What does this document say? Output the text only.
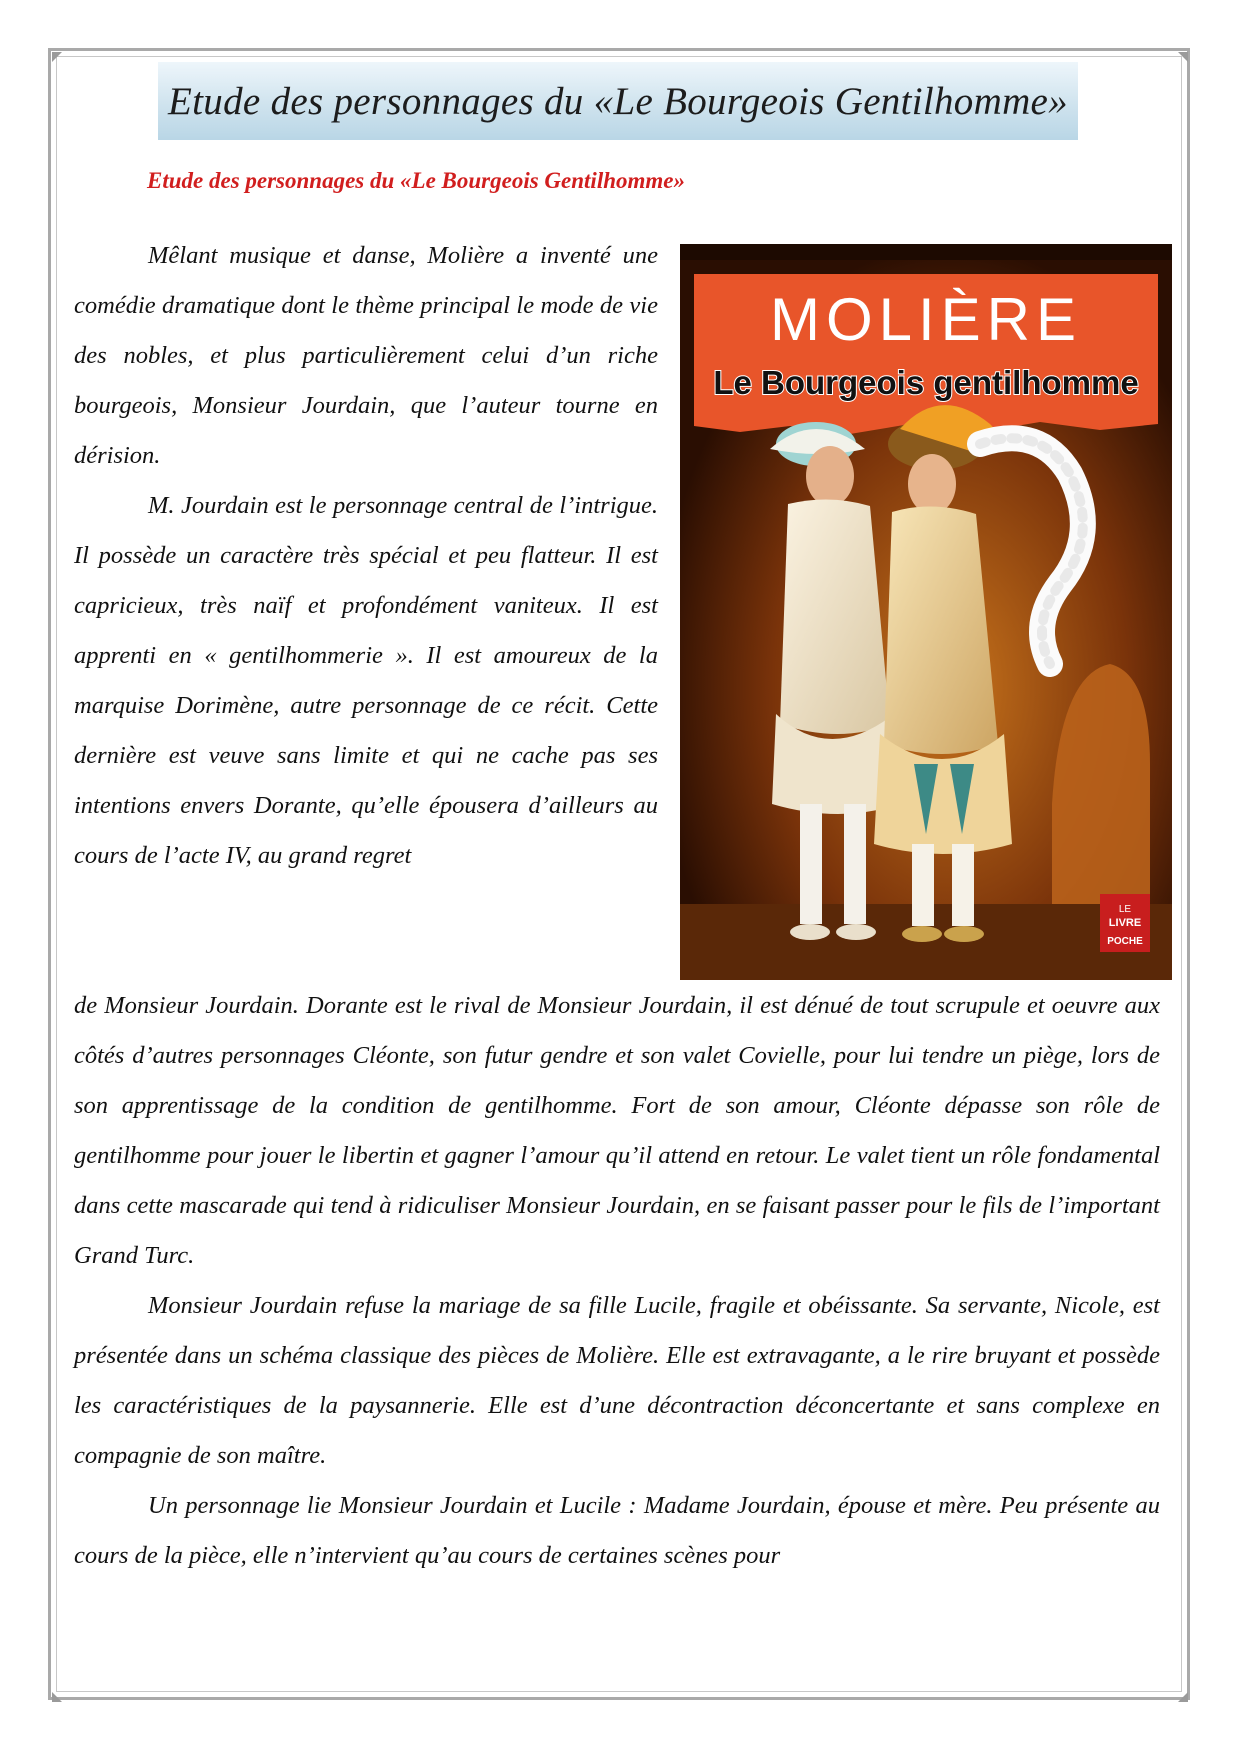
Etude des personnages du «Le Bourgeois Gentilhomme»
Etude des personnages du «Le Bourgeois Gentilhomme»

Mêlant musique et danse, Molière a inventé une comédie dramatique dont le thème principal le mode de vie des nobles, et plus particulièrement celui d’un riche bourgeois, Monsieur Jourdain, que l’auteur tourne en dérision.

M. Jourdain est le personnage central de l’intrigue. Il possède un caractère très spécial et peu flatteur. Il est capricieux, très naïf et profondément vaniteux. Il est apprenti en « gentilhommerie ». Il est amoureux de la marquise Dorimène, autre personnage de ce récit. Cette dernière est veuve sans limite et qui ne cache pas ses intentions envers Dorante, qu’elle épousera d’ailleurs au cours de l’acte IV, au grand regret

MOLIÈRE
Le Bourgeois gentilhomme
LE
LIVRE
POCHE

de Monsieur Jourdain. Dorante est le rival de Monsieur Jourdain, il est dénué de tout scrupule et oeuvre aux côtés d’autres personnages Cléonte, son futur gendre et son valet Covielle, pour lui tendre un piège, lors de son apprentissage de la condition de gentilhomme. Fort de son amour, Cléonte dépasse son rôle de gentilhomme pour jouer le libertin et gagner l’amour qu’il attend en retour. Le valet tient un rôle fondamental dans cette mascarade qui tend à ridiculiser Monsieur Jourdain, en se faisant passer pour le fils de l’important Grand Turc.

Monsieur Jourdain refuse la mariage de sa fille Lucile, fragile et obéissante. Sa servante, Nicole, est présentée dans un schéma classique des pièces de Molière. Elle est extravagante, a le rire bruyant et possède les caractéristiques de la paysannerie. Elle est d’une décontraction déconcertante et sans complexe en compagnie de son maître.

Un personnage lie Monsieur Jourdain et Lucile : Madame Jourdain, épouse et mère. Peu présente au cours de la pièce, elle n’intervient qu’au cours de certaines scènes pour
